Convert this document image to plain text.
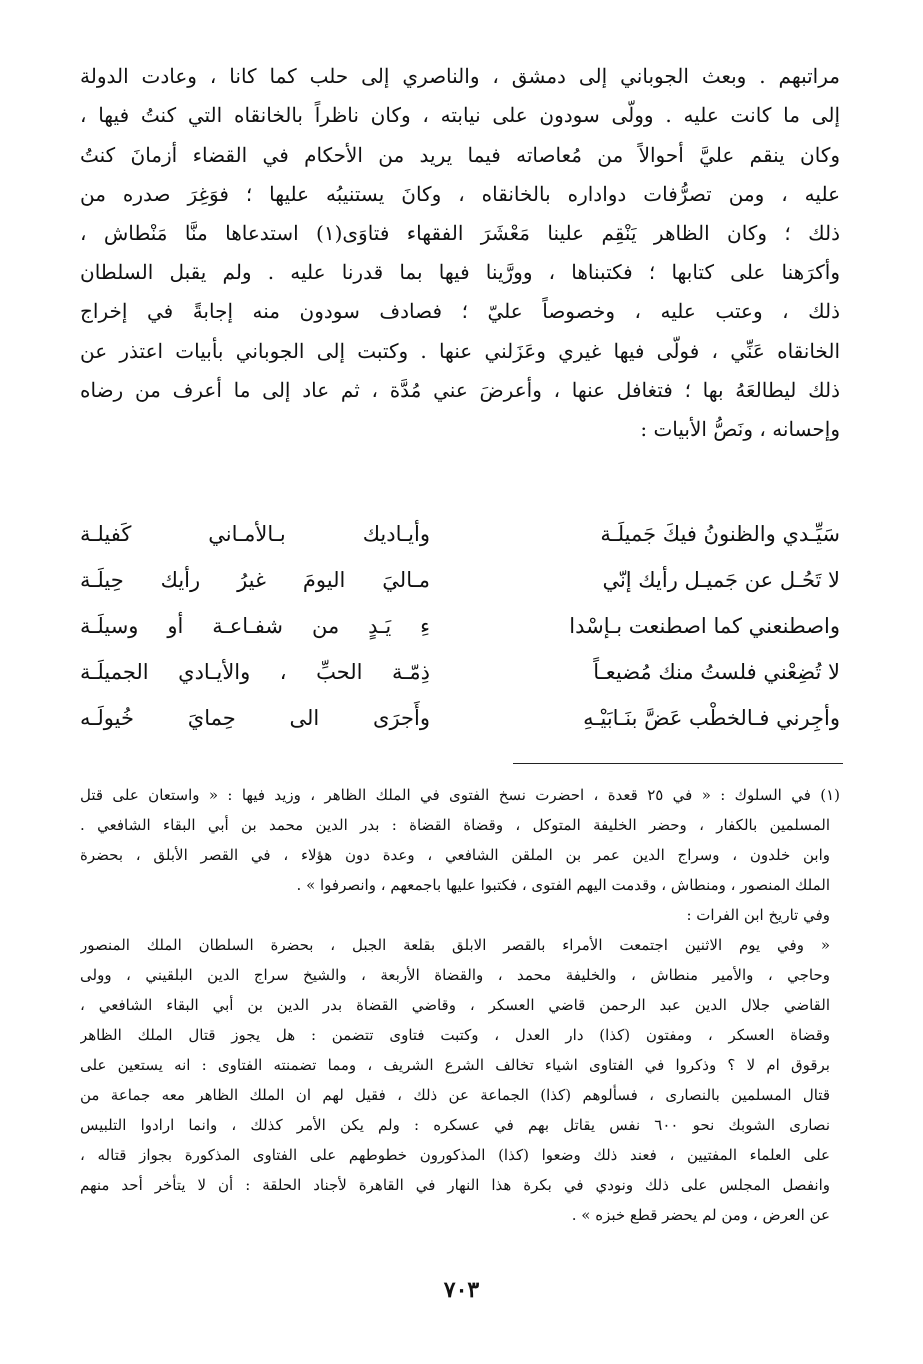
مراتبهم . وبعث الجوباني إلى دمشق ، والناصري إلى حلب كما كانا ، وعادت الدولة
إلى ما كانت عليه . وولّى سودون على نيابته ، وكان ناظراً بالخانقاه التي كنتُ فيها ،
وكان ينقم عليَّ أحوالاً من مُعاصاته فيما يريد من الأحكام في القضاء أزمانَ كنتُ
عليه ، ومن تصرُّفات دواداره بالخانقاه ، وكانَ يستنيبُه عليها ؛ فوَغِرَ صدره من
ذلك ؛ وكان الظاهر يَنْقِم علينا مَعْشَرَ الفقهاء فتاوَى(١) استدعاها منَّا مَنْطاش ،
وأكرَهنا على كتابها ؛ فكتبناها ، وورَّينا فيها بما قدرنا عليه . ولم يقبل السلطان
ذلك ، وعتب عليه ، وخصوصاً عليّ ؛ فصادف سودون منه إجابةً في إخراج
الخانقاه عَنِّي ، فولّى فيها غيري وعَزَلني عنها . وكتبت إلى الجوباني بأبيات اعتذر عن
ذلك ليطالعَهُ بها ؛ فتغافل عنها ، وأعرضَ عني مُدَّة ، ثم عاد إلى ما أعرف من رضاه
وإحسانه ، ونَصُّ الأبيات :
سَيِّـدي والظنونُ فيكَ جَميلَـة
وأيـاديك بـالأمـاني كَفيلـة
لا تَحُـل عن جَميـل رأيك إنّي
مـاليَ اليومَ غيرُ رأيك حِيلَـة
واصطنعني كما اصطنعت بـإسْدا
ءِ يَـدٍ من شفـاعـة أو وسيلَـة
لا تُضِعْني فلستُ منك مُضيعـاً
ذِمّـة الحبِّ ، والأيـادي الجميلَـة
وأجِرني فـالخطْب عَضَّ بنَـابَيْـهِ
وأَجرَى الى حِمايَ خُيولَـه
(١) في السلوك : « في ٢٥ قعدة ، احضرت نسخ الفتوى في الملك الظاهر ، وزيد فيها : « واستعان على قتل
المسلمين بالكفار ، وحضر الخليفة المتوكل ، وقضاة القضاة : بدر الدين محمد بن أبي البقاء الشافعي .
وابن خلدون ، وسراج الدين عمر بن الملقن الشافعي ، وعدة دون هؤلاء ، في القصر الأبلق ، بحضرة
الملك المنصور ، ومنطاش ، وقدمت اليهم الفتوى ، فكتبوا عليها باجمعهم ، وانصرفوا » .
وفي تاريخ ابن الفرات :
« وفي يوم الاثنين اجتمعت الأمراء بالقصر الابلق بقلعة الجبل ، بحضرة السلطان الملك المنصور
وحاجي ، والأمير منطاش ، والخليفة محمد ، والقضاة الأربعة ، والشيخ سراج الدين البلقيني ، وولى
القاضي جلال الدين عبد الرحمن قاضي العسكر ، وقاضي القضاة بدر الدين بن أبي البقاء الشافعي ،
وقضاة العسكر ، ومفتون (كذا) دار العدل ، وكتبت فتاوى تتضمن : هل يجوز قتال الملك الظاهر
برقوق ام لا ؟ وذكروا في الفتاوى اشياء تخالف الشرع الشريف ، ومما تضمنته الفتاوى : انه يستعين على
قتال المسلمين بالنصارى ، فسألوهم (كذا) الجماعة عن ذلك ، فقيل لهم ان الملك الظاهر معه جماعة من
نصارى الشوبك نحو ٦٠٠ نفس يقاتل بهم في عسكره : ولم يكن الأمر كذلك ، وانما ارادوا التلبيس
على العلماء المفتيين ، فعند ذلك وضعوا (كذا) المذكورون خطوطهم على الفتاوى المذكورة بجواز قتاله ،
وانفصل المجلس على ذلك ونودي في بكرة هذا النهار في القاهرة لأجناد الحلقة : أن لا يتأخر أحد منهم
عن العرض ، ومن لم يحضر قطع خبزه » .
٧٠٣
